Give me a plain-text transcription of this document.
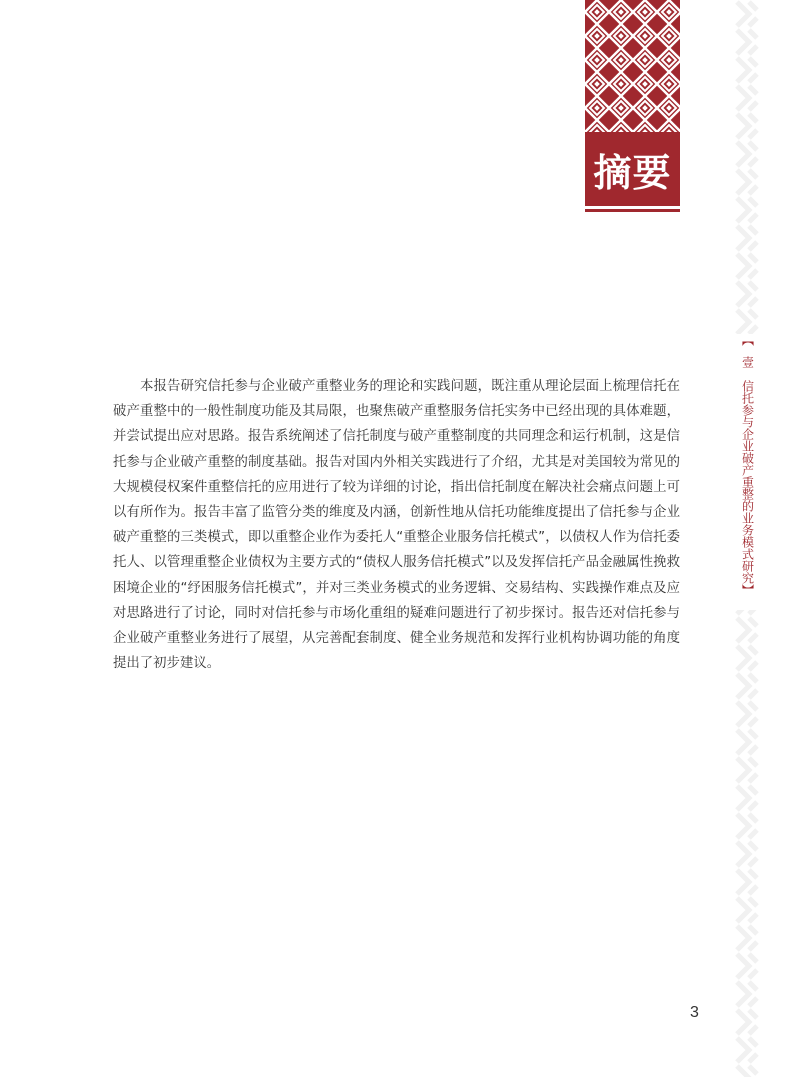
摘要
【
壹
信托参与企业破产重整的业务模式研究
】

本报告研究信托参与企业破产重整业务的理论和实践问题，既注重从理论层面上梳理信托在破产重整中的一般性制度功能及其局限，也聚焦破产重整服务信托实务中已经出现的具体难题，并尝试提出应对思路。报告系统阐述了信托制度与破产重整制度的共同理念和运行机制，这是信托参与企业破产重整的制度基础。报告对国内外相关实践进行了介绍，尤其是对美国较为常见的大规模侵权案件重整信托的应用进行了较为详细的讨论，指出信托制度在解决社会痛点问题上可以有所作为。报告丰富了监管分类的维度及内涵，创新性地从信托功能维度提出了信托参与企业破产重整的三类模式，即以重整企业作为委托人“重整企业服务信托模式”，以债权人作为信托委托人、以管理重整企业债权为主要方式的“债权人服务信托模式”以及发挥信托产品金融属性挽救困境企业的“纾困服务信托模式”，并对三类业务模式的业务逻辑、交易结构、实践操作难点及应对思路进行了讨论，同时对信托参与市场化重组的疑难问题进行了初步探讨。报告还对信托参与企业破产重整业务进行了展望，从完善配套制度、健全业务规范和发挥行业机构协调功能的角度提出了初步建议。

3
